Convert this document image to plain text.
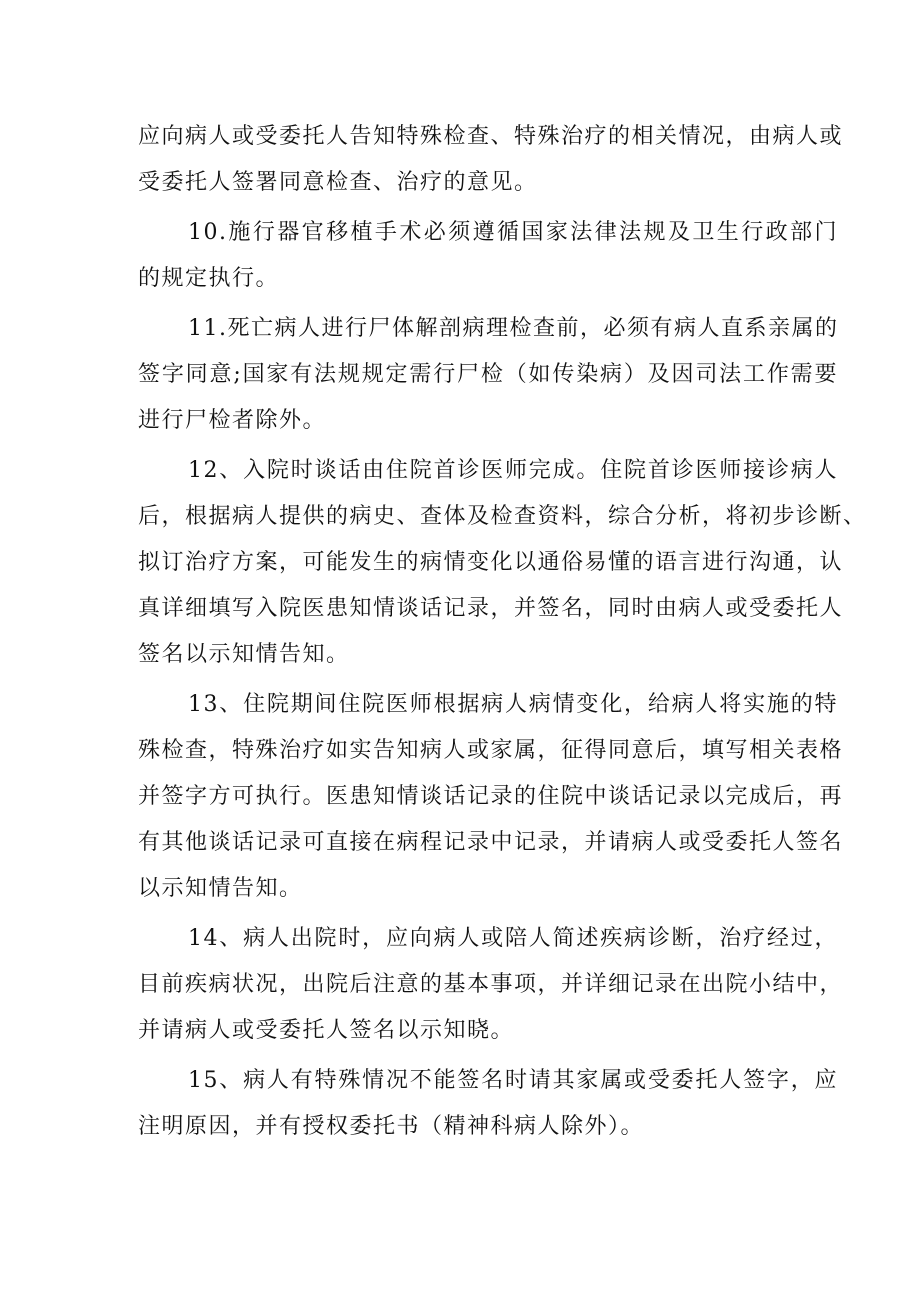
应向病人或受委托人告知特殊检查、特殊治疗的相关情况，由病人或
受委托人签署同意检查、治疗的意见。
10.施行器官移植手术必须遵循国家法律法规及卫生行政部门
的规定执行。
11.死亡病人进行尸体解剖病理检查前，必须有病人直系亲属的
签字同意;国家有法规规定需行尸检（如传染病）及因司法工作需要
进行尸检者除外。
12、入院时谈话由住院首诊医师完成。住院首诊医师接诊病人
后，根据病人提供的病史、查体及检查资料，综合分析，将初步诊断、
拟订治疗方案，可能发生的病情变化以通俗易懂的语言进行沟通，认
真详细填写入院医患知情谈话记录，并签名，同时由病人或受委托人
签名以示知情告知。
13、住院期间住院医师根据病人病情变化，给病人将实施的特
殊检查，特殊治疗如实告知病人或家属，征得同意后，填写相关表格
并签字方可执行。医患知情谈话记录的住院中谈话记录以完成后，再
有其他谈话记录可直接在病程记录中记录，并请病人或受委托人签名
以示知情告知。
14、病人出院时，应向病人或陪人简述疾病诊断，治疗经过，
目前疾病状况，出院后注意的基本事项，并详细记录在出院小结中，
并请病人或受委托人签名以示知晓。
15、病人有特殊情况不能签名时请其家属或受委托人签字，应
注明原因，并有授权委托书（精神科病人除外）。
